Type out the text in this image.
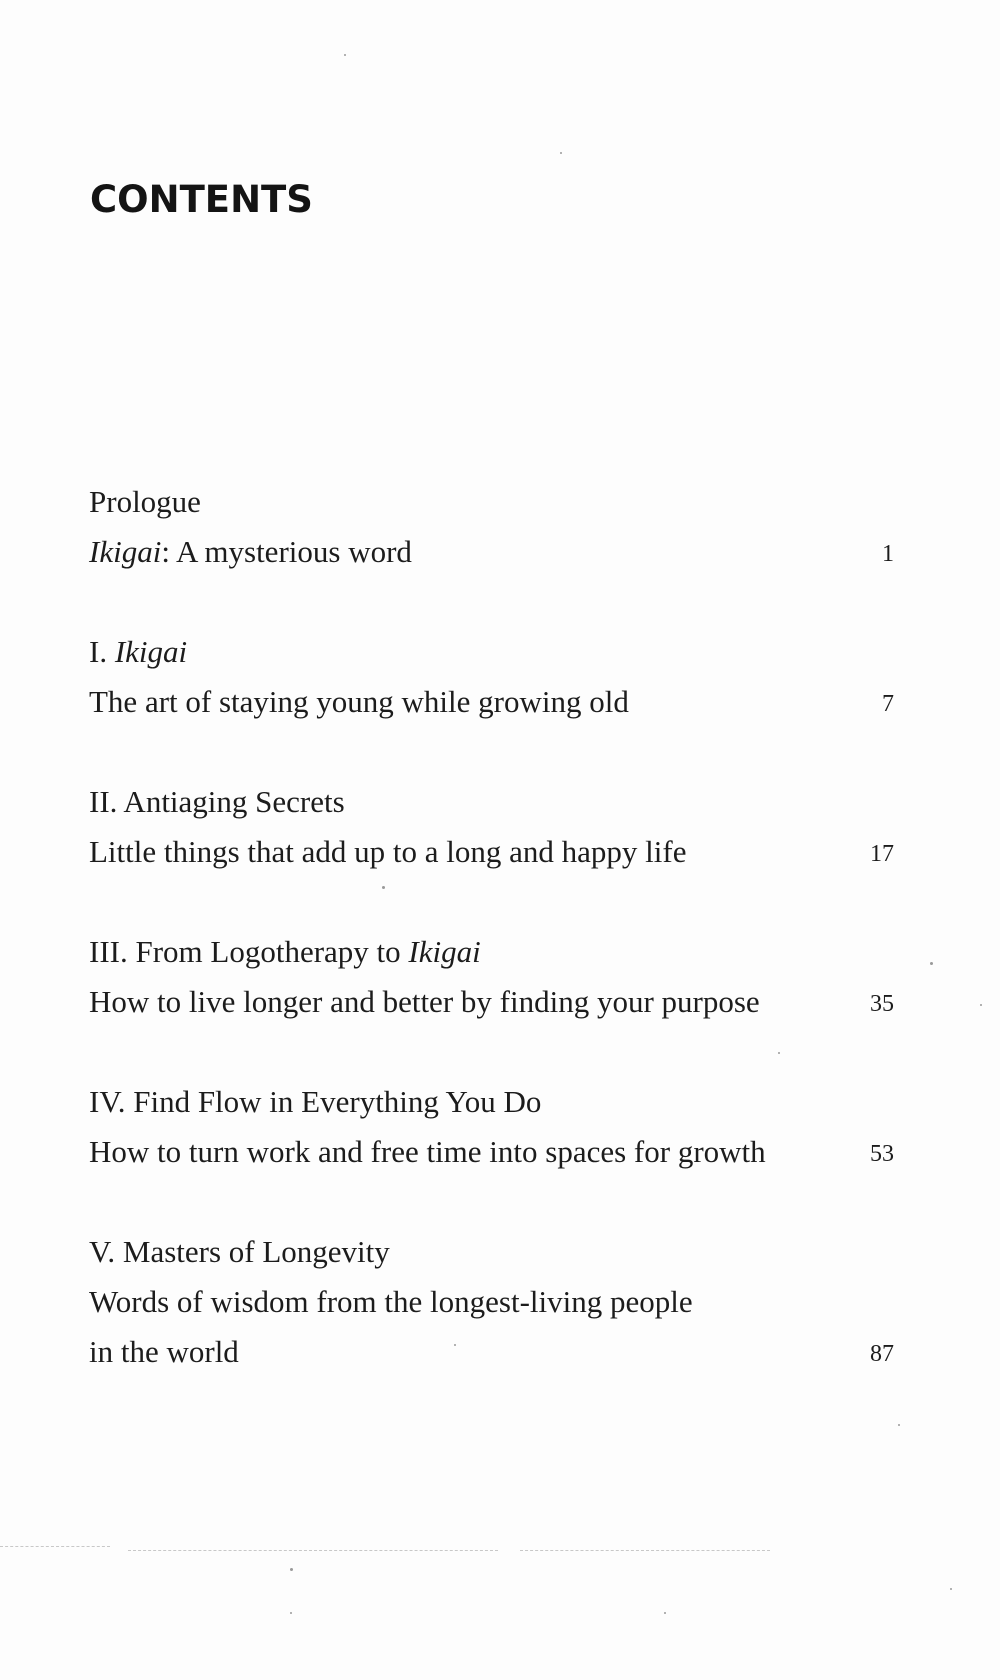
CONTENTS
Prologue
Ikigai: A mysterious word	1
I. Ikigai
The art of staying young while growing old	7
II. Antiaging Secrets
Little things that add up to a long and happy life	17
III. From Logotherapy to Ikigai
How to live longer and better by finding your purpose	35
IV. Find Flow in Everything You Do
How to turn work and free time into spaces for growth	53
V. Masters of Longevity
Words of wisdom from the longest-living people
in the world	87
